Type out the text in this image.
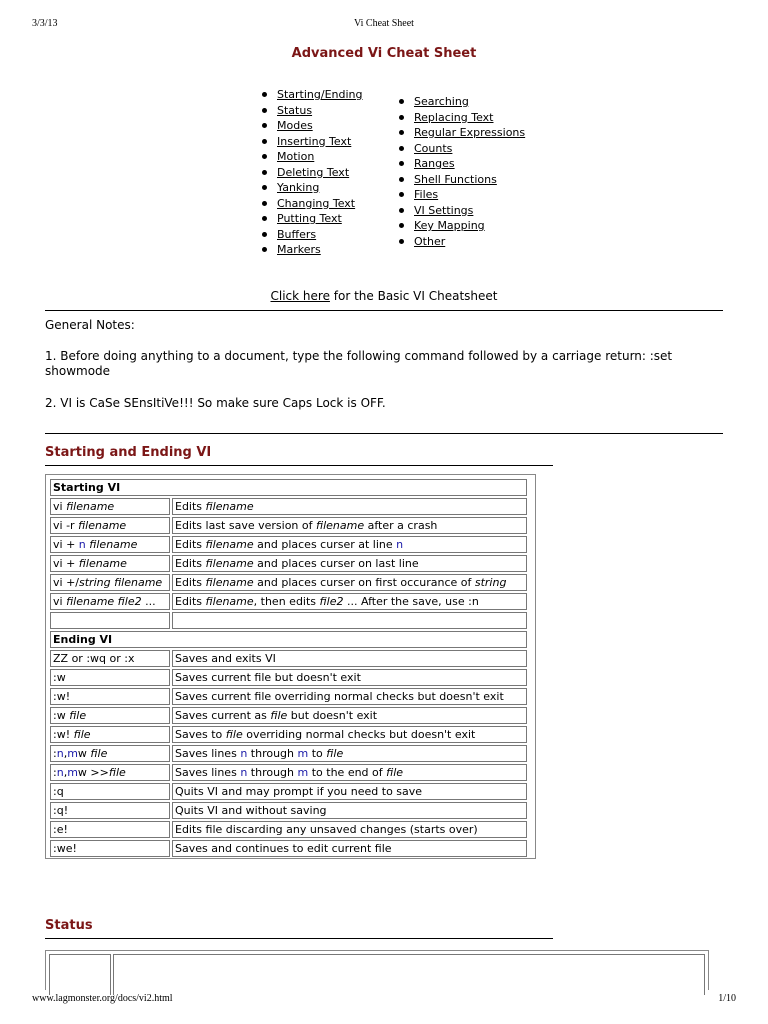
3/3/13	Vi Cheat Sheet
Advanced Vi Cheat Sheet
Starting/Ending
Status
Modes
Inserting Text
Motion
Deleting Text
Yanking
Changing Text
Putting Text
Buffers
Markers
Searching
Replacing Text
Regular Expressions
Counts
Ranges
Shell Functions
Files
VI Settings
Key Mapping
Other
Click here for the Basic VI Cheatsheet
General Notes:
1. Before doing anything to a document, type the following command followed by a carriage return: :set showmode
2. VI is CaSe SEnsItiVe!!! So make sure Caps Lock is OFF.
Starting and Ending VI
Starting VI	
vi filename	Edits filename
vi -r filename	Edits last save version of filename after a crash
vi + n filename	Edits filename and places curser at line n
vi + filename	Edits filename and places curser on last line
vi +/string filename	Edits filename and places curser on first occurance of string
vi filename file2 ...	Edits filename, then edits file2 ... After the save, use :n

Ending VI	
ZZ or :wq or :x	Saves and exits VI
:w	Saves current file but doesn't exit
:w!	Saves current file overriding normal checks but doesn't exit
:w file	Saves current as file but doesn't exit
:w! file	Saves to file overriding normal checks but doesn't exit
:n,mw file	Saves lines n through m to file
:n,mw >>file	Saves lines n through m to the end of file
:q	Quits VI and may prompt if you need to save
:q!	Quits VI and without saving
:e!	Edits file discarding any unsaved changes (starts over)
:we!	Saves and continues to edit current file
Status
www.lagmonster.org/docs/vi2.html	1/10
